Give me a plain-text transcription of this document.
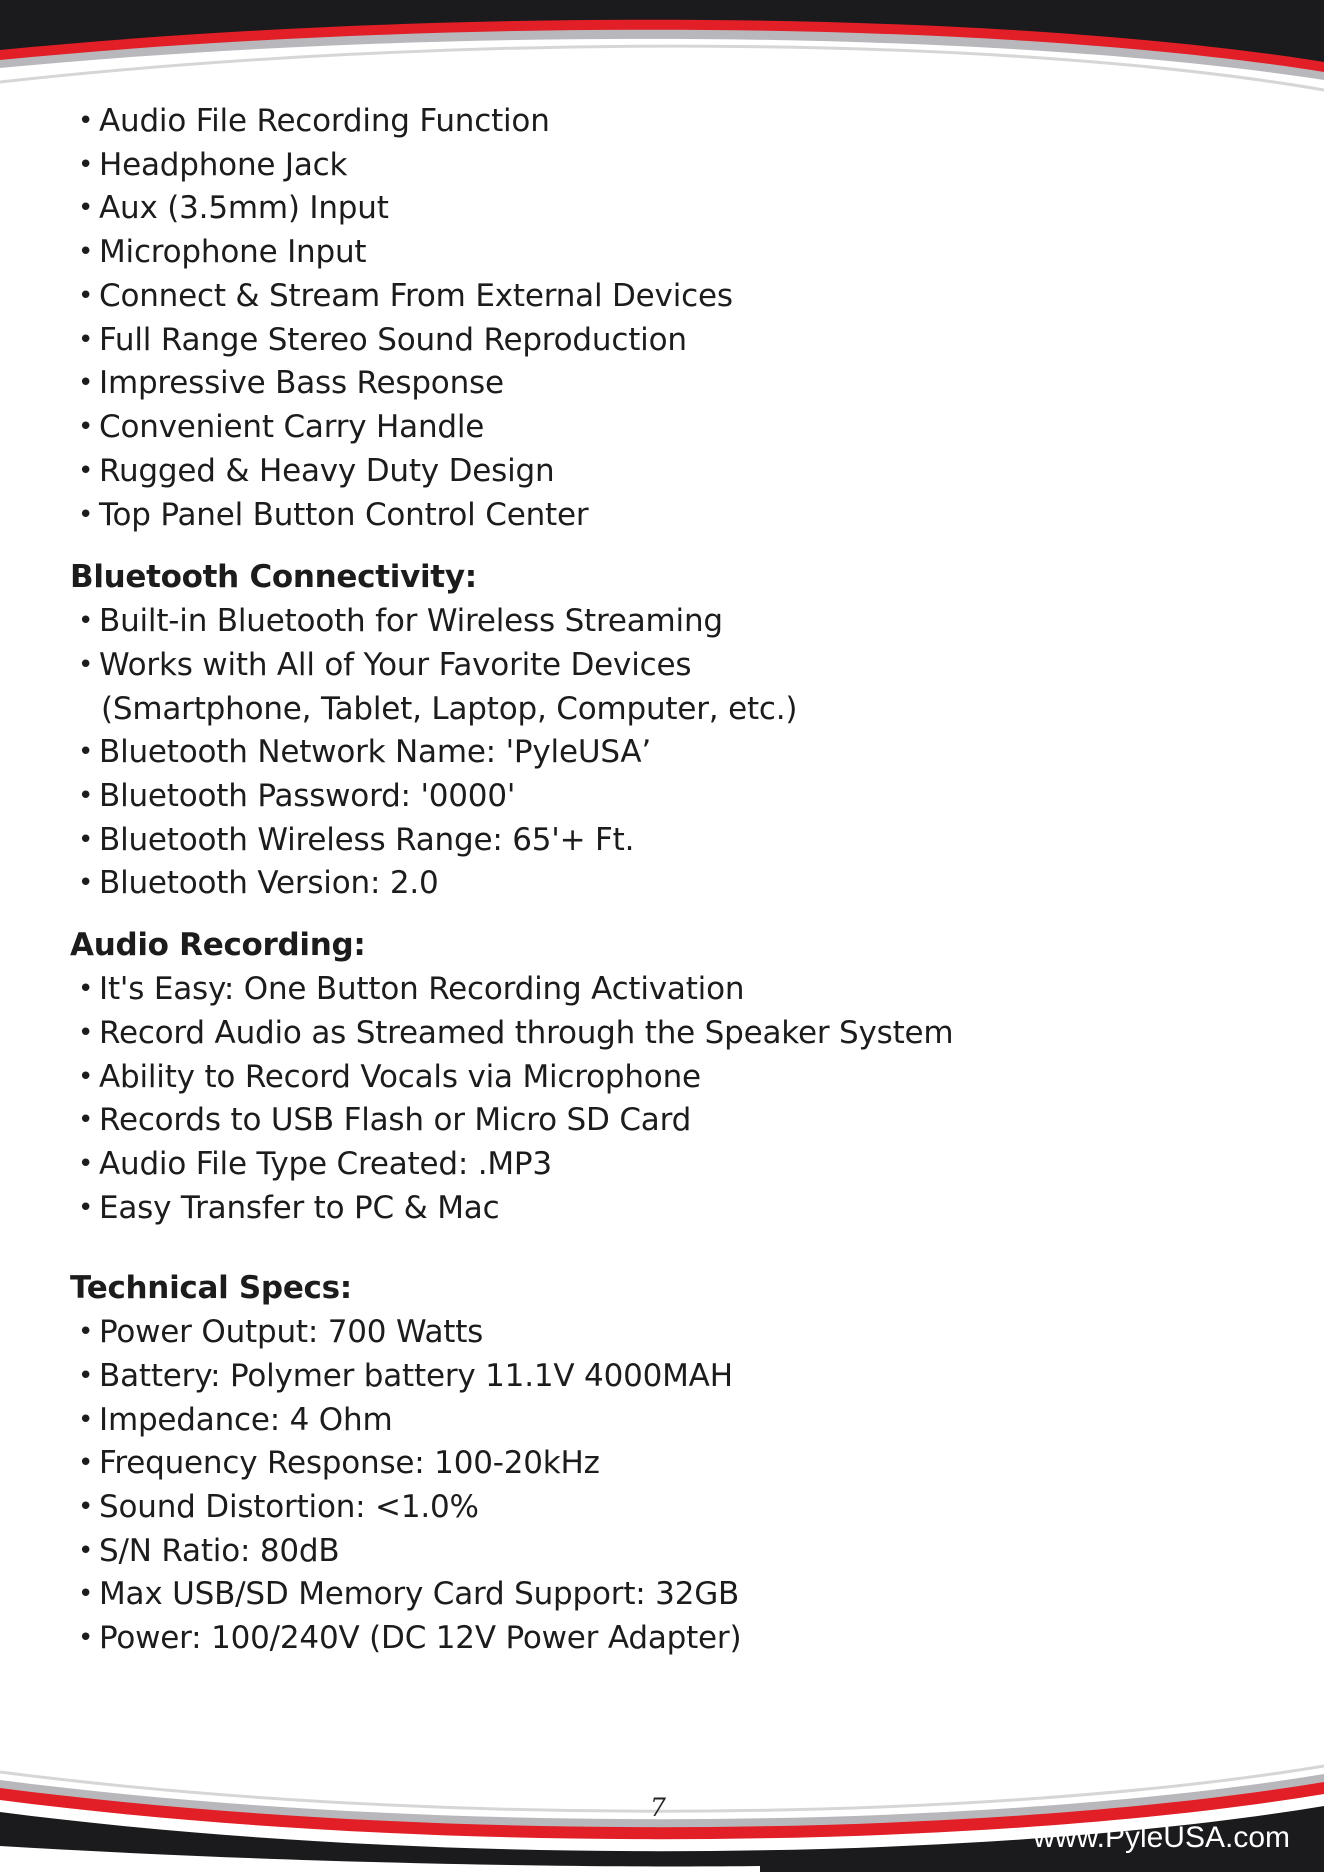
• Audio File Recording Function
• Headphone Jack
• Aux (3.5mm) Input
• Microphone Input
• Connect & Stream From External Devices
• Full Range Stereo Sound Reproduction
• Impressive Bass Response
• Convenient Carry Handle
• Rugged & Heavy Duty Design
• Top Panel Button Control Center
Bluetooth Connectivity:
• Built-in Bluetooth for Wireless Streaming
• Works with All of Your Favorite Devices
(Smartphone, Tablet, Laptop, Computer, etc.)
• Bluetooth Network Name: 'PyleUSA’
• Bluetooth Password: '0000'
• Bluetooth Wireless Range: 65'+ Ft.
• Bluetooth Version: 2.0
Audio Recording:
• It's Easy: One Button Recording Activation
• Record Audio as Streamed through the Speaker System
• Ability to Record Vocals via Microphone
• Records to USB Flash or Micro SD Card
• Audio File Type Created: .MP3
• Easy Transfer to PC & Mac
Technical Specs:
• Power Output: 700 Watts
• Battery: Polymer battery 11.1V 4000MAH
• Impedance: 4 Ohm
• Frequency Response: 100-20kHz
• Sound Distortion: <1.0%
• S/N Ratio: 80dB
• Max USB/SD Memory Card Support: 32GB
• Power: 100/240V (DC 12V Power Adapter)
7
www.PyleUSA.com
